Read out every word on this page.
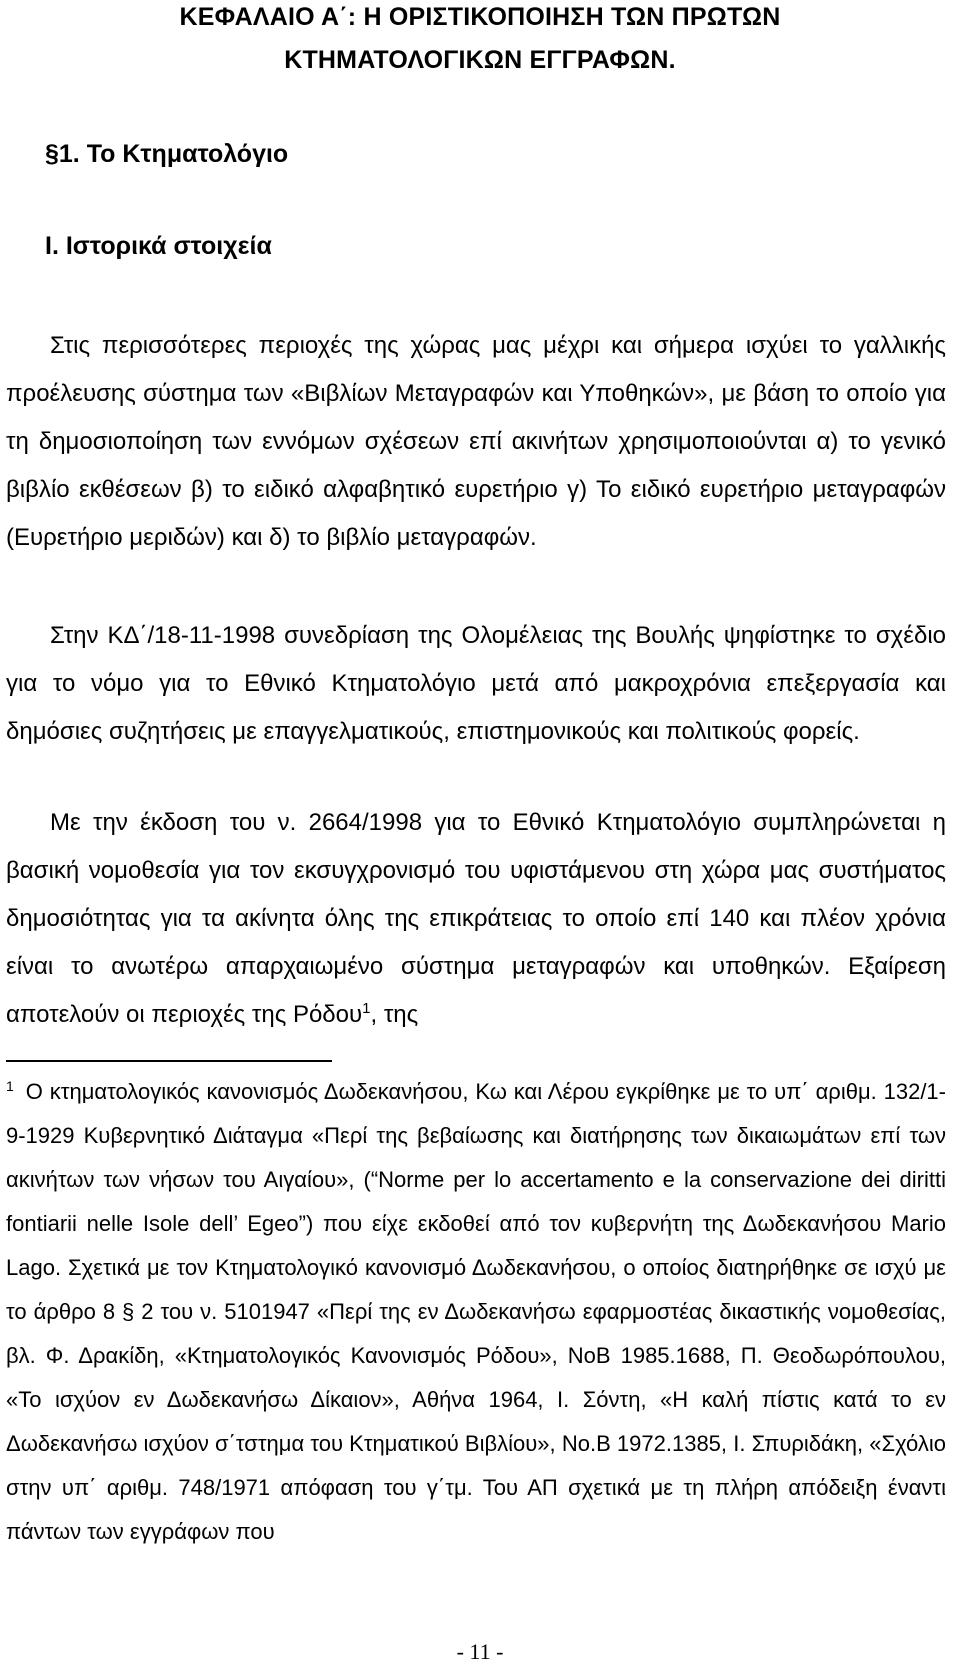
ΚΕΦΑΛΑΙΟ Α΄: Η ΟΡΙΣΤΙΚΟΠΟΙΗΣΗ ΤΩΝ ΠΡΩΤΩΝ
ΚΤΗΜΑΤΟΛΟΓΙΚΩΝ ΕΓΓΡΑΦΩΝ.
§1. Το Κτηματολόγιο
Ι. Ιστορικά στοιχεία

Στις περισσότερες περιοχές της χώρας μας μέχρι και σήμερα ισχύει το γαλλικής προέλευσης σύστημα των «Βιβλίων Μεταγραφών και Υποθηκών», με βάση το οποίο για τη δημοσιοποίηση των εννόμων σχέσεων επί ακινήτων χρησιμοποιούνται α) το γενικό βιβλίο εκθέσεων β) το ειδικό αλφαβητικό ευρετήριο γ) Το ειδικό ευρετήριο μεταγραφών (Ευρετήριο μεριδών) και δ) το βιβλίο μεταγραφών.

Στην ΚΔ΄/18-11-1998 συνεδρίαση της Ολομέλειας της Βουλής ψηφίστηκε το σχέδιο για το νόμο για το Εθνικό Κτηματολόγιο μετά από μακροχρόνια επεξεργασία και δημόσιες συζητήσεις με επαγγελματικούς, επιστημονικούς και πολιτικούς φορείς.

Με την έκδοση του ν. 2664/1998 για το Εθνικό Κτηματολόγιο συμπληρώνεται η βασική νομοθεσία για τον εκσυγχρονισμό του υφιστάμενου στη χώρα μας συστήματος δημοσιότητας για τα ακίνητα όλης της επικράτειας το οποίο επί 140 και πλέον χρόνια είναι το ανωτέρω απαρχαιωμένο σύστημα μεταγραφών και υποθηκών. Εξαίρεση αποτελούν οι περιοχές της Ρόδου$^1$, της

$^1$ Ο κτηματολογικός κανονισμός Δωδεκανήσου, Κω και Λέρου εγκρίθηκε με το υπ΄ αριθμ. 132/1-9-1929 Κυβερνητικό Διάταγμα «Περί της βεβαίωσης και διατήρησης των δικαιωμάτων επί των ακινήτων των νήσων του Αιγαίου», (“Norme per lo accertamento e la conservazione dei diritti fontiarii nelle Isole dell’ Egeo”) που είχε εκδοθεί από τον κυβερνήτη της Δωδεκανήσου Mario Lago. Σχετικά με τον Κτηματολογικό κανονισμό Δωδεκανήσου, ο οποίος διατηρήθηκε σε ισχύ με το άρθρο 8 § 2 του ν. 5101947 «Περί της εν Δωδεκανήσω εφαρμοστέας δικαστικής νομοθεσίας, βλ. Φ. Δρακίδη, «Κτηματολογικός Κανονισμός Ρόδου», ΝοΒ 1985.1688, Π. Θεοδωρόπουλου, «Το ισχύον εν Δωδεκανήσω Δίκαιον», Αθήνα 1964, Ι. Σόντη, «Η καλή πίστις κατά το εν Δωδεκανήσω ισχύον σ΄τστημα του Κτηματικού Βιβλίου», Νο.Β 1972.1385, Ι. Σπυριδάκη, «Σχόλιο στην υπ΄ αριθμ. 748/1971 απόφαση του γ΄τμ. Του ΑΠ σχετικά με τη πλήρη απόδειξη έναντι πάντων των εγγράφων που

- 11 -
